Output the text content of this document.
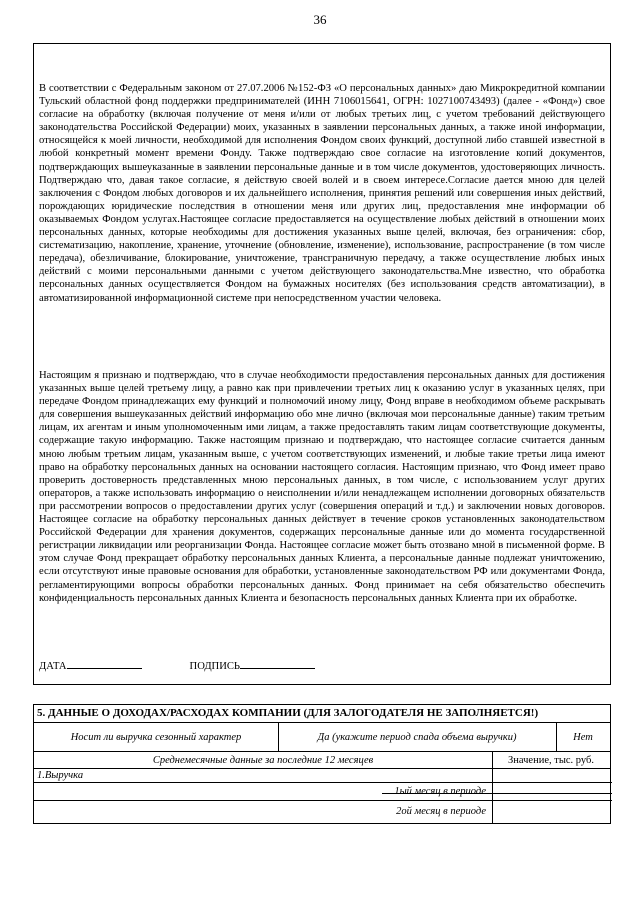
36
В соответствии с Федеральным законом от 27.07.2006 №152-ФЗ «О персональных данных» даю Микрокредитной компании Тульский областной фонд поддержки предпринимателей (ИНН 7106015641, ОГРН: 1027100743493) (далее - «Фонд») свое согласие на обработку (включая получение от меня и/или от любых третьих лиц, с учетом требований действующего законодательства Российской Федерации) моих, указанных в заявлении персональных данных, а также иной информации, относящейся к моей личности, необходимой для исполнения Фондом своих функций, доступной либо ставшей известной в любой конкретный момент времени Фонду. Также подтверждаю свое согласие на изготовление копий документов, подтверждающих вышеуказанные в заявлении персональные данные и в том числе документов, удостоверяющих личность. Подтверждаю что, давая такое согласие, я действую своей волей и в своем интересе.Согласие дается мною для целей заключения с Фондом любых договоров и их дальнейшего исполнения, принятия решений или совершения иных действий, порождающих юридические последствия в отношении меня или других лиц, предоставления мне информации об оказываемых Фондом услугах.Настоящее согласие предоставляется на осуществление любых действий в отношении моих персональных данных, которые необходимы для достижения указанных выше целей, включая, без ограничения: сбор, систематизацию, накопление, хранение, уточнение (обновление, изменение), использование, распространение (в том числе передача), обезличивание, блокирование, уничтожение, трансграничную передачу, а также осуществление любых иных действий с моими персональными данными с учетом действующего законодательства.Мне известно, что обработка персональных данных осуществляется Фондом на бумажных носителях (без использования средств автоматизации), в автоматизированной информационной системе при непосредственном участии человека.
Настоящим я признаю и подтверждаю, что в случае необходимости предоставления персональных данных для достижения указанных выше целей третьему лицу, а равно как при привлечении третьих лиц к оказанию услуг в указанных целях, при передаче Фондом принадлежащих ему функций и полномочий иному лицу, Фонд вправе в необходимом объеме раскрывать для совершения вышеуказанных действий информацию обо мне лично (включая мои персональные данные) таким третьим лицам, их агентам и иным уполномоченным ими лицам, а также предоставлять таким лицам соответствующие документы, содержащие такую информацию. Также настоящим признаю и подтверждаю, что настоящее согласие считается данным мною любым третьим лицам, указанным выше, с учетом соответствующих изменений, и любые такие третьи лица имеют право на обработку персональных данных на основании настоящего согласия. Настоящим признаю, что Фонд имеет право проверить достоверность представленных мною персональных данных, в том числе, с использованием услуг других операторов, а также использовать информацию о неисполнении и/или ненадлежащем исполнении договорных обязательств при рассмотрении вопросов о предоставлении других услуг (совершения операций и т.д.) и заключении новых договоров. Настоящее согласие на обработку персональных данных действует в течение сроков установленных законодательством Российской Федерации для хранения документов, содержащих персональные данные или до момента государственной регистрации ликвидации или реорганизации Фонда. Настоящее согласие может быть отозвано мной в письменной форме. В этом случае Фонд прекращает обработку персональных данных Клиента, а персональные данные подлежат уничтожению, если отсутствуют иные правовые основания для обработки, установленные законодательством РФ или документами Фонда, регламентирующими вопросы обработки персональных данных. Фонд принимает на себя обязательство обеспечить конфиденциальность персональных данных Клиента и безопасность персональных данных Клиента при их обработке.
ДАТА	ПОДПИСЬ
5. ДАННЫЕ О ДОХОДАХ/РАСХОДАХ КОМПАНИИ (ДЛЯ ЗАЛОГОДАТЕЛЯ НЕ ЗАПОЛНЯЕТСЯ!)
Носит ли выручка сезонный характер	Да (укажите период спада объема выручки)	Нет
Среднемесячные данные за последние 12 месяцев	Значение, тыс. руб.
1.Выручка
1ый месяц в периоде
2ой месяц в периоде
